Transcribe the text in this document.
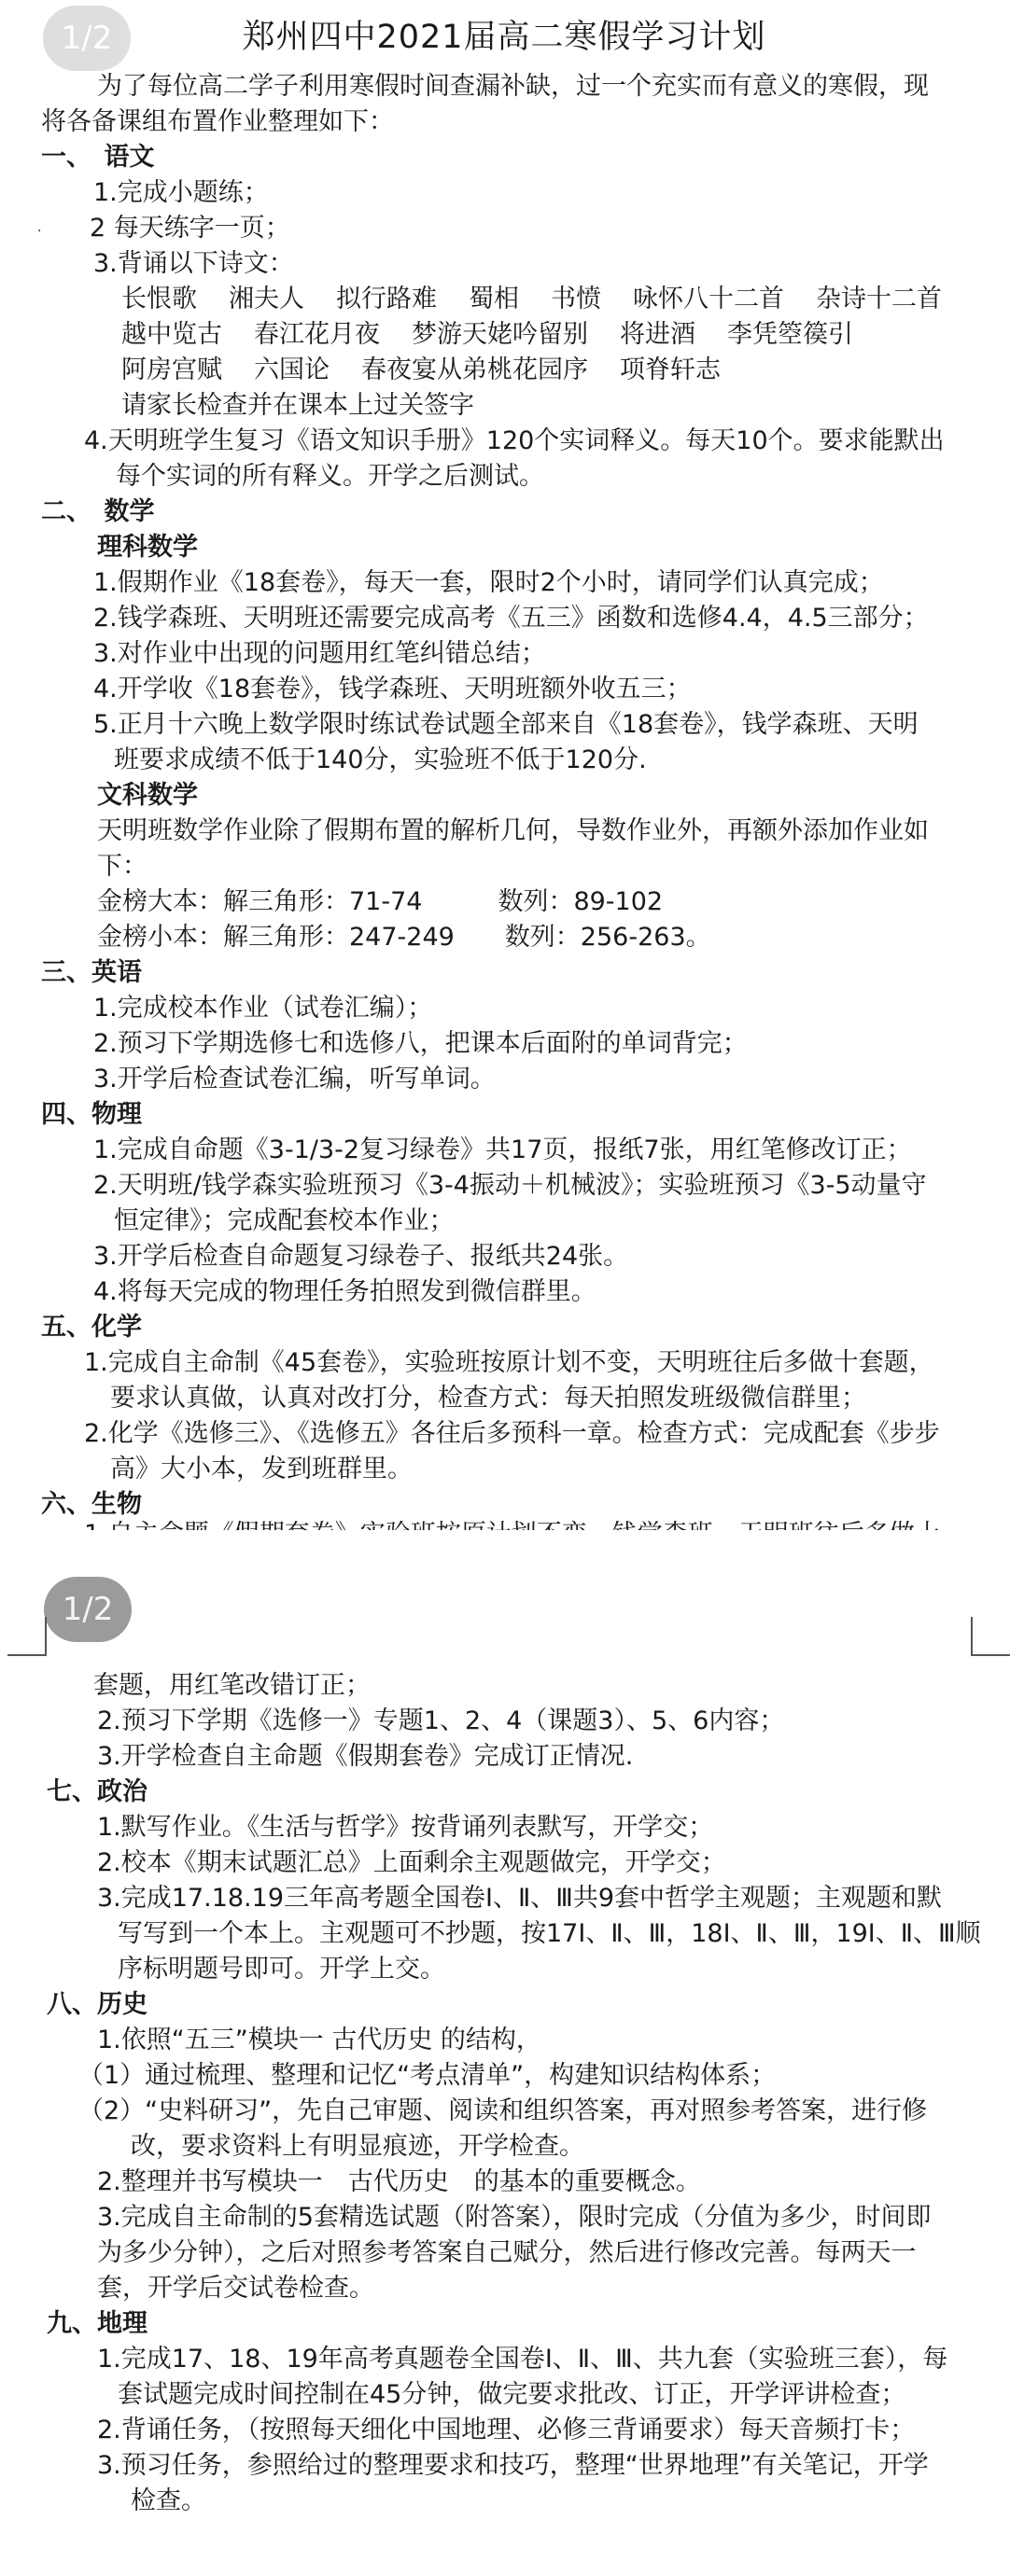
郑州四中2021届高二寒假学习计划
1/2
·
为了每位高二学子利用寒假时间查漏补缺，过一个充实而有意义的寒假，现
将各备课组布置作业整理如下：
一、　语文
1.完成小题练；
2 每天练字一页；
3.背诵以下诗文：
长恨歌 湘夫人 拟行路难 蜀相 书愤 咏怀八十二首 杂诗十二首
越中览古 春江花月夜 梦游天姥吟留别 将进酒 李凭箜篌引
阿房宫赋 六国论 春夜宴从弟桃花园序 项脊轩志
请家长检查并在课本上过关签字
4.天明班学生复习《语文知识手册》120个实词释义。每天10个。要求能默出
每个实词的所有释义。开学之后测试。
二、　数学
理科数学
1.假期作业《18套卷》，每天一套，限时2个小时，请同学们认真完成；
2.钱学森班、天明班还需要完成高考《五三》函数和选修4.4，4.5三部分；
3.对作业中出现的问题用红笔纠错总结；
4.开学收《18套卷》，钱学森班、天明班额外收五三；
5.正月十六晚上数学限时练试卷试题全部来自《18套卷》，钱学森班、天明
班要求成绩不低于140分，实验班不低于120分.
文科数学
天明班数学作业除了假期布置的解析几何，导数作业外，再额外添加作业如
下：
金榜大本：解三角形：71-74　　　数列：89-102
金榜小本：解三角形：247-249　　数列：256-263。
三、英语
1.完成校本作业（试卷汇编）；
2.预习下学期选修七和选修八，把课本后面附的单词背完；
3.开学后检查试卷汇编，听写单词。
四、物理
1.完成自命题《3-1/3-2复习绿卷》共17页，报纸7张，用红笔修改订正；
2.天明班/钱学森实验班预习《3-4振动＋机械波》；实验班预习《3-5动量守
恒定律》；完成配套校本作业；
3.开学后检查自命题复习绿卷子、报纸共24张。
4.将每天完成的物理任务拍照发到微信群里。
五、化学
1.完成自主命制《45套卷》，实验班按原计划不变，天明班往后多做十套题，
要求认真做，认真对改打分，检查方式：每天拍照发班级微信群里；
2.化学《选修三》、《选修五》各往后多预科一章。检查方式：完成配套《步步
高》大小本，发到班群里。
六、生物
1/2
套题，用红笔改错订正；
2.预习下学期《选修一》专题1、2、4（课题3）、5、6内容；
3.开学检查自主命题《假期套卷》完成订正情况.
七、政治
1.默写作业。《生活与哲学》按背诵列表默写，开学交；
2.校本《期末试题汇总》上面剩余主观题做完，开学交；
3.完成17.18.19三年高考题全国卷Ⅰ、Ⅱ、Ⅲ共9套中哲学主观题；主观题和默
写写到一个本上。主观题可不抄题，按17Ⅰ、Ⅱ、Ⅲ，18Ⅰ、Ⅱ、Ⅲ，19Ⅰ、Ⅱ、Ⅲ顺
序标明题号即可。开学上交。
八、历史
1.依照“五三”模块一 古代历史 的结构，
（1）通过梳理、整理和记忆“考点清单”，构建知识结构体系；
（2）“史料研习”，先自己审题、阅读和组织答案，再对照参考答案，进行修
改，要求资料上有明显痕迹，开学检查。
2.整理并书写模块一　古代历史　的基本的重要概念。
3.完成自主命制的5套精选试题（附答案），限时完成（分值为多少，时间即
为多少分钟），之后对照参考答案自己赋分，然后进行修改完善。每两天一
套，开学后交试卷检查。
九、地理
1.完成17、18、19年高考真题卷全国卷Ⅰ、Ⅱ、Ⅲ、共九套（实验班三套），每
套试题完成时间控制在45分钟，做完要求批改、订正，开学评讲检查；
2.背诵任务，（按照每天细化中国地理、必修三背诵要求）每天音频打卡；
3.预习任务，参照给过的整理要求和技巧，整理“世界地理”有关笔记，开学
检查。
